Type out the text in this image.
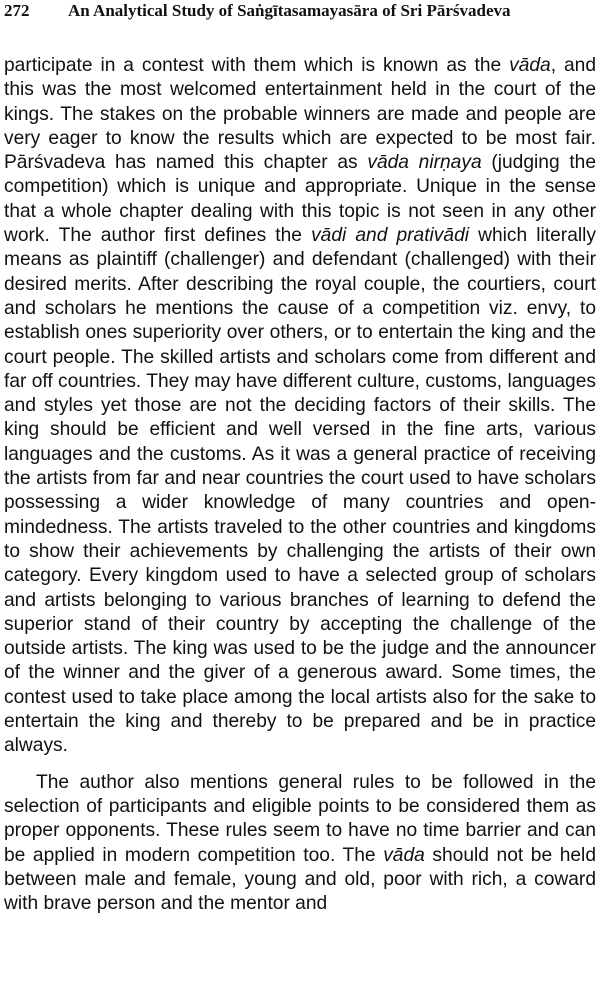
272	An Analytical Study of Saṅgītasamayasāra of Sri Pārśvadeva

participate in a contest with them which is known as the vāda, and this was the most welcomed entertainment held in the court of the kings. The stakes on the probable winners are made and people are very eager to know the results which are expected to be most fair. Pārśvadeva has named this chapter as vāda nirṇaya (judging the competition) which is unique and appropriate. Unique in the sense that a whole chapter dealing with this topic is not seen in any other work. The author first defines the vādi and prativādi which literally means as plaintiff (challenger) and defendant (challenged) with their desired merits. After describing the royal couple, the courtiers, court and scholars he mentions the cause of a competition viz. envy, to establish ones superiority over others, or to entertain the king and the court people. The skilled artists and scholars come from different and far off countries. They may have different culture, customs, languages and styles yet those are not the deciding factors of their skills. The king should be efficient and well versed in the fine arts, various languages and the customs. As it was a general practice of receiving the artists from far and near countries the court used to have scholars possessing a wider knowledge of many countries and open-mindedness. The artists traveled to the other countries and kingdoms to show their achievements by challenging the artists of their own category. Every kingdom used to have a selected group of scholars and artists belonging to various branches of learning to defend the superior stand of their country by accepting the challenge of the outside artists. The king was used to be the judge and the announcer of the winner and the giver of a generous award. Some times, the contest used to take place among the local artists also for the sake to entertain the king and thereby to be prepared and be in practice always.

The author also mentions general rules to be followed in the selection of participants and eligible points to be considered them as proper opponents. These rules seem to have no time barrier and can be applied in modern competition too. The vāda should not be held between male and female, young and old, poor with rich, a coward with brave person and the mentor and
